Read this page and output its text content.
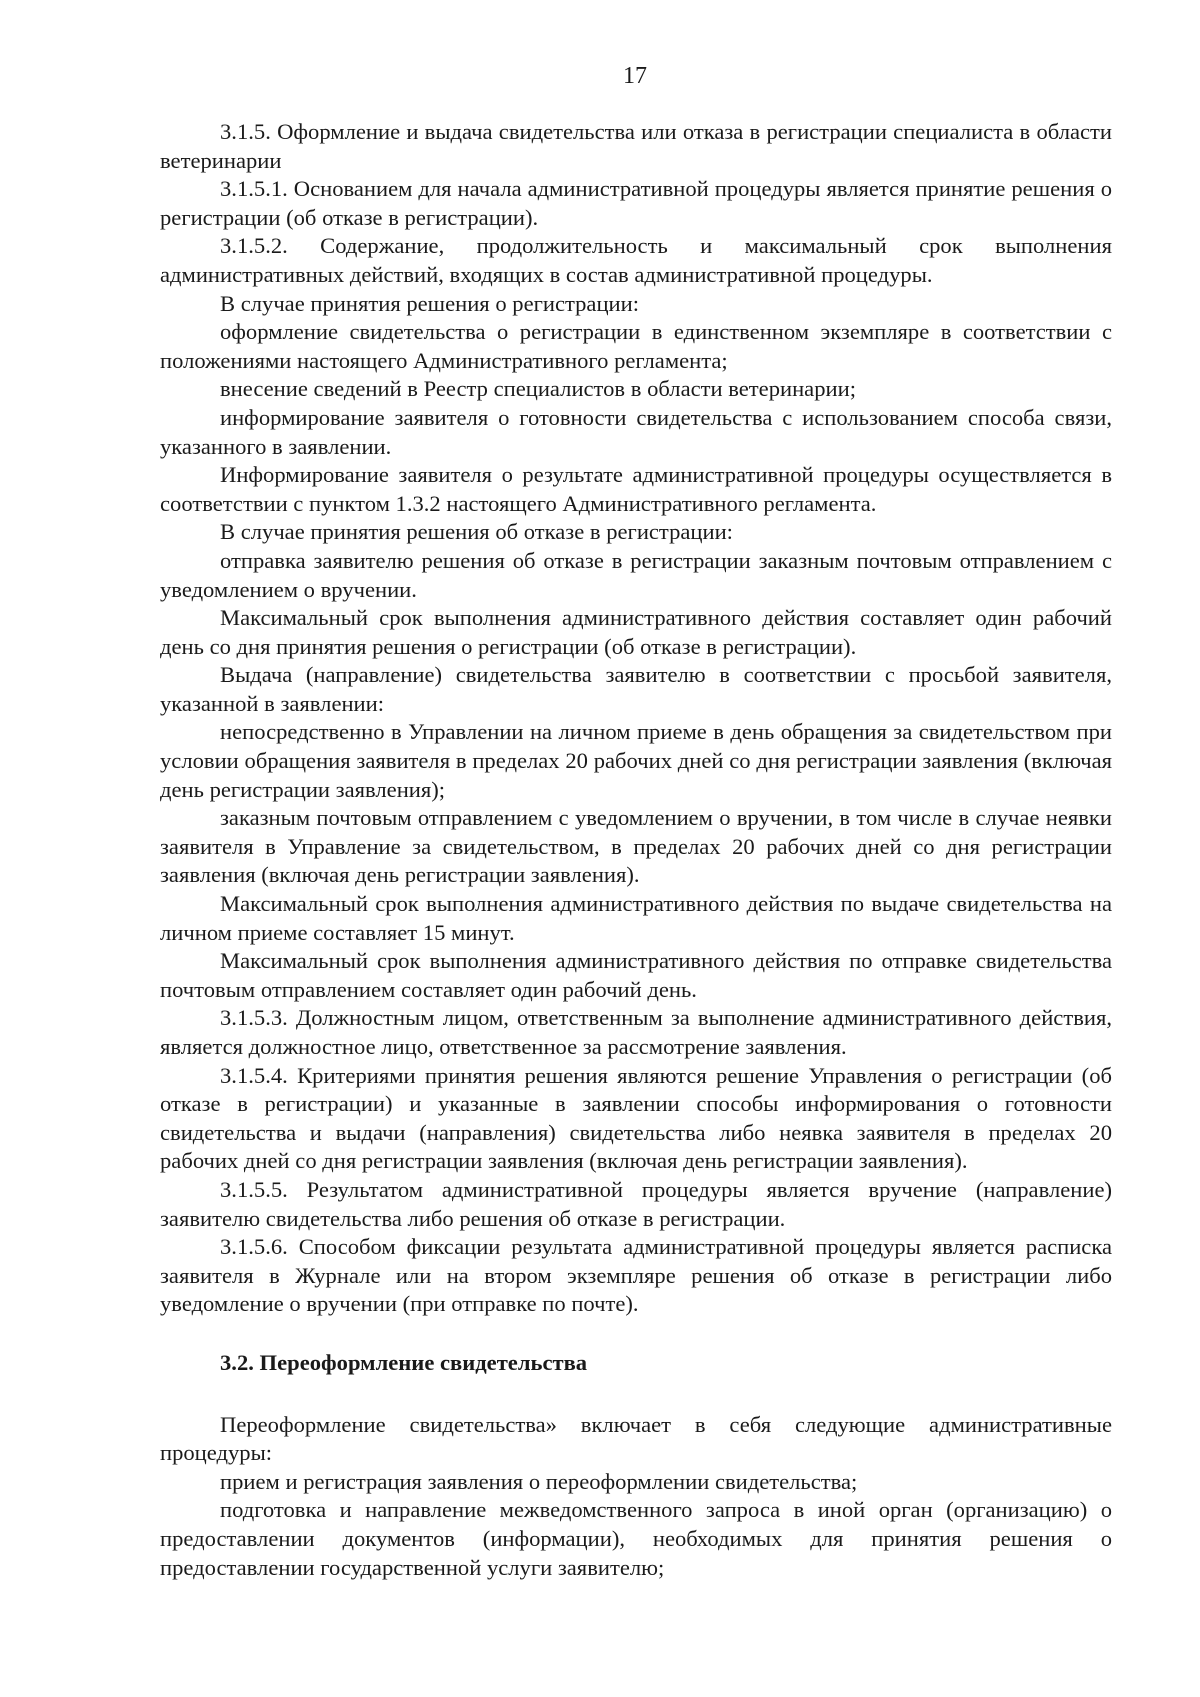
17

3.1.5. Оформление и выдача свидетельства или отказа в регистрации специалиста в области ветеринарии

3.1.5.1. Основанием для начала административной процедуры является принятие решения о регистрации (об отказе в регистрации).

3.1.5.2. Содержание, продолжительность и максимальный срок выполнения административных действий, входящих в состав административной процедуры.

В случае принятия решения о регистрации:

оформление свидетельства о регистрации в единственном экземпляре в соответствии с положениями настоящего Административного регламента;

внесение сведений в Реестр специалистов в области ветеринарии;

информирование заявителя о готовности свидетельства с использованием способа связи, указанного в заявлении.

Информирование заявителя о результате административной процедуры осуществляется в соответствии с пунктом 1.3.2 настоящего Административного регламента.

В случае принятия решения об отказе в регистрации:

отправка заявителю решения об отказе в регистрации заказным почтовым отправлением с уведомлением о вручении.

Максимальный срок выполнения административного действия составляет один рабочий день со дня принятия решения о регистрации (об отказе в регистрации).

Выдача (направление) свидетельства заявителю в соответствии с просьбой заявителя, указанной в заявлении:

непосредственно в Управлении на личном приеме в день обращения за свидетельством при условии обращения заявителя в пределах 20 рабочих дней со дня регистрации заявления (включая день регистрации заявления);

заказным почтовым отправлением с уведомлением о вручении, в том числе в случае неявки заявителя в Управление за свидетельством, в пределах 20 рабочих дней со дня регистрации заявления (включая день регистрации заявления).

Максимальный срок выполнения административного действия по выдаче свидетельства на личном приеме составляет 15 минут.

Максимальный срок выполнения административного действия по отправке свидетельства почтовым отправлением составляет один рабочий день.

3.1.5.3. Должностным лицом, ответственным за выполнение административного действия, является должностное лицо, ответственное за рассмотрение заявления.

3.1.5.4. Критериями принятия решения являются решение Управления о регистрации (об отказе в регистрации) и указанные в заявлении способы информирования о готовности свидетельства и выдачи (направления) свидетельства либо неявка заявителя в пределах 20 рабочих дней со дня регистрации заявления (включая день регистрации заявления).

3.1.5.5. Результатом административной процедуры является вручение (направление) заявителю свидетельства либо решения об отказе в регистрации.

3.1.5.6. Способом фиксации результата административной процедуры является расписка заявителя в Журнале или на втором экземпляре решения об отказе в регистрации либо уведомление о вручении (при отправке по почте).

3.2. Переоформление свидетельства

Переоформление свидетельства» включает в себя следующие административные процедуры:

прием и регистрация заявления о переоформлении свидетельства;

подготовка и направление межведомственного запроса в иной орган (организацию) о предоставлении документов (информации), необходимых для принятия решения о предоставлении государственной услуги заявителю;
